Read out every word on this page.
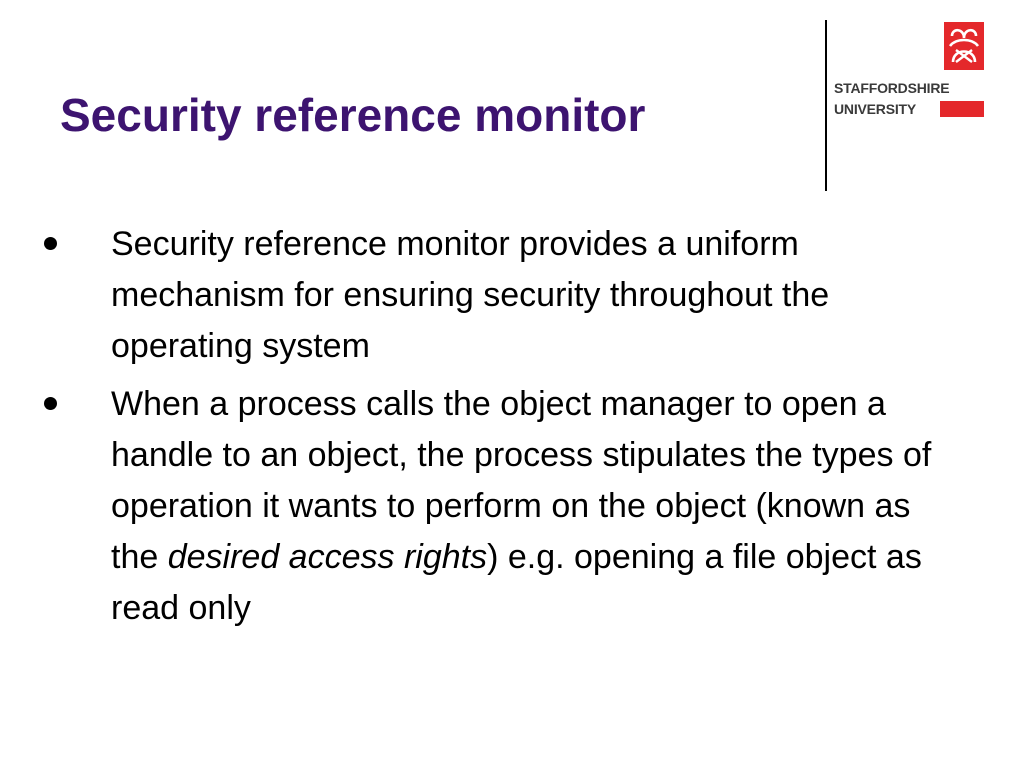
Security reference monitor
STAFFORDSHIRE
UNIVERSITY
Security reference monitor provides a uniform mechanism for ensuring security throughout the operating system
When a process calls the object manager to open a handle to an object, the process stipulates the types of operation it wants to perform on the object (known as the desired access rights) e.g. opening a file object as read only
